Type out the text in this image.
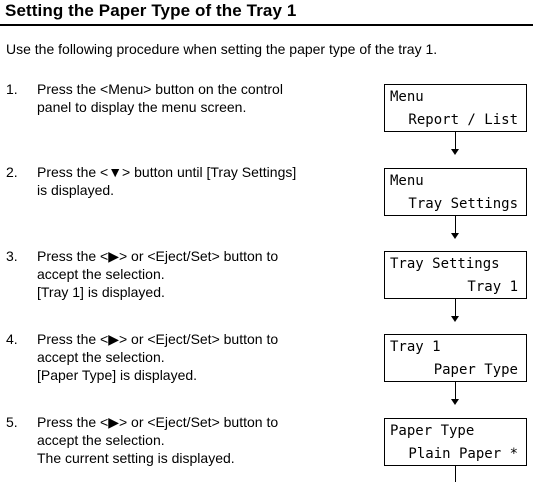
Setting the Paper Type of the Tray 1
Use the following procedure when setting the paper type of the tray 1.
1. Press the <Menu> button on the control
panel to display the menu screen.
2. Press the <▼> button until [Tray Settings]
is displayed.
3. Press the <▶> or <Eject/Set> button to
accept the selection.
[Tray 1] is displayed.
4. Press the <▶> or <Eject/Set> button to
accept the selection.
[Paper Type] is displayed.
5. Press the <▶> or <Eject/Set> button to
accept the selection.
The current setting is displayed.
Menu
Report / List
Menu
Tray Settings
Tray Settings
Tray 1
Tray 1
Paper Type
Paper Type
Plain Paper *
